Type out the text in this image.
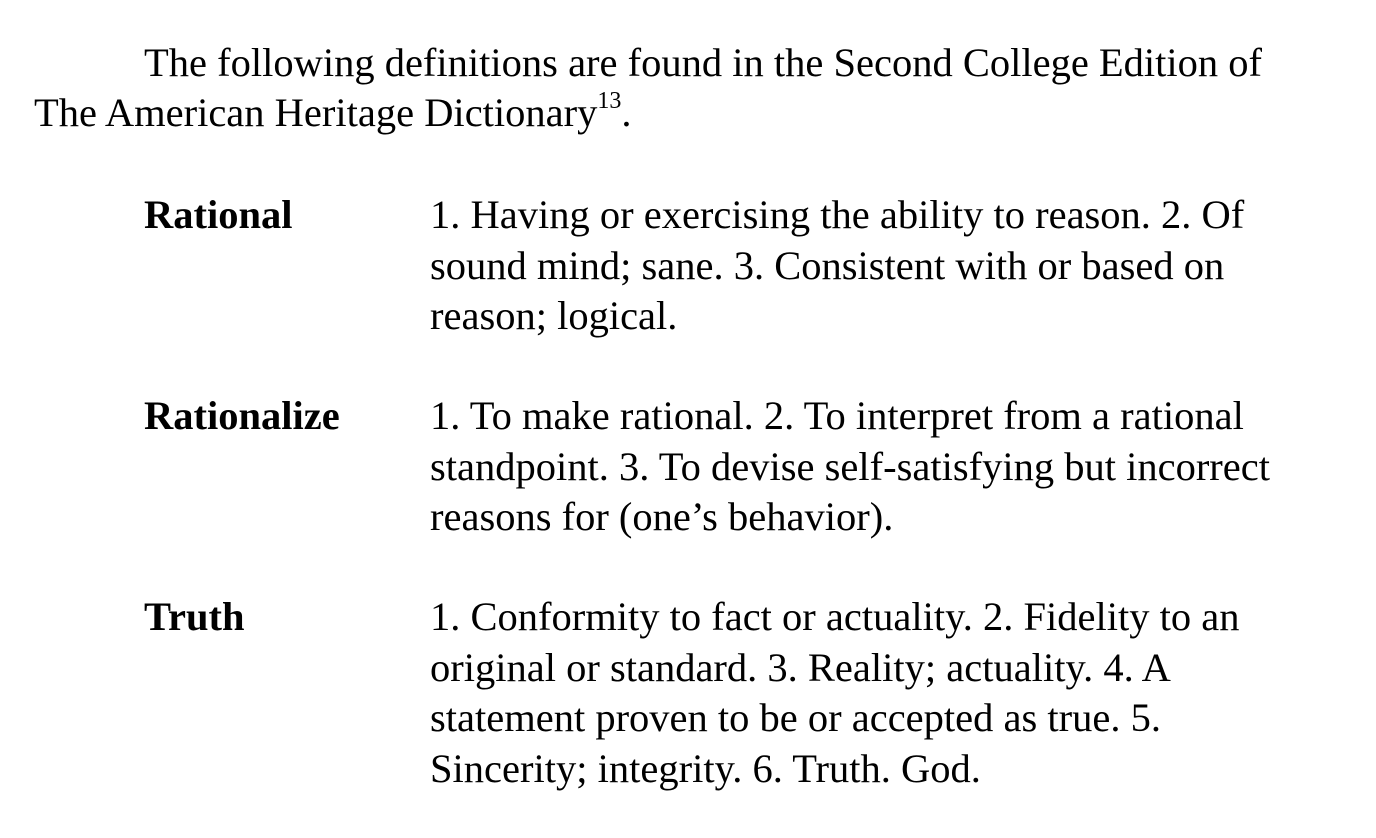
The following definitions are found in the Second College Edition of
The American Heritage Dictionary$^{13}$.

Rational	1. Having or exercising the ability to reason. 2. Of
sound mind; sane. 3. Consistent with or based on
reason; logical.
Rationalize 1. To make rational. 2. To interpret from a rational
standpoint. 3. To devise self-satisfying but incorrect
reasons for (one’s behavior).
Truth	1. Conformity to fact or actuality. 2. Fidelity to an
original or standard. 3. Reality; actuality. 4. A
statement proven to be or accepted as true. 5.
Sincerity; integrity. 6. Truth. God.
